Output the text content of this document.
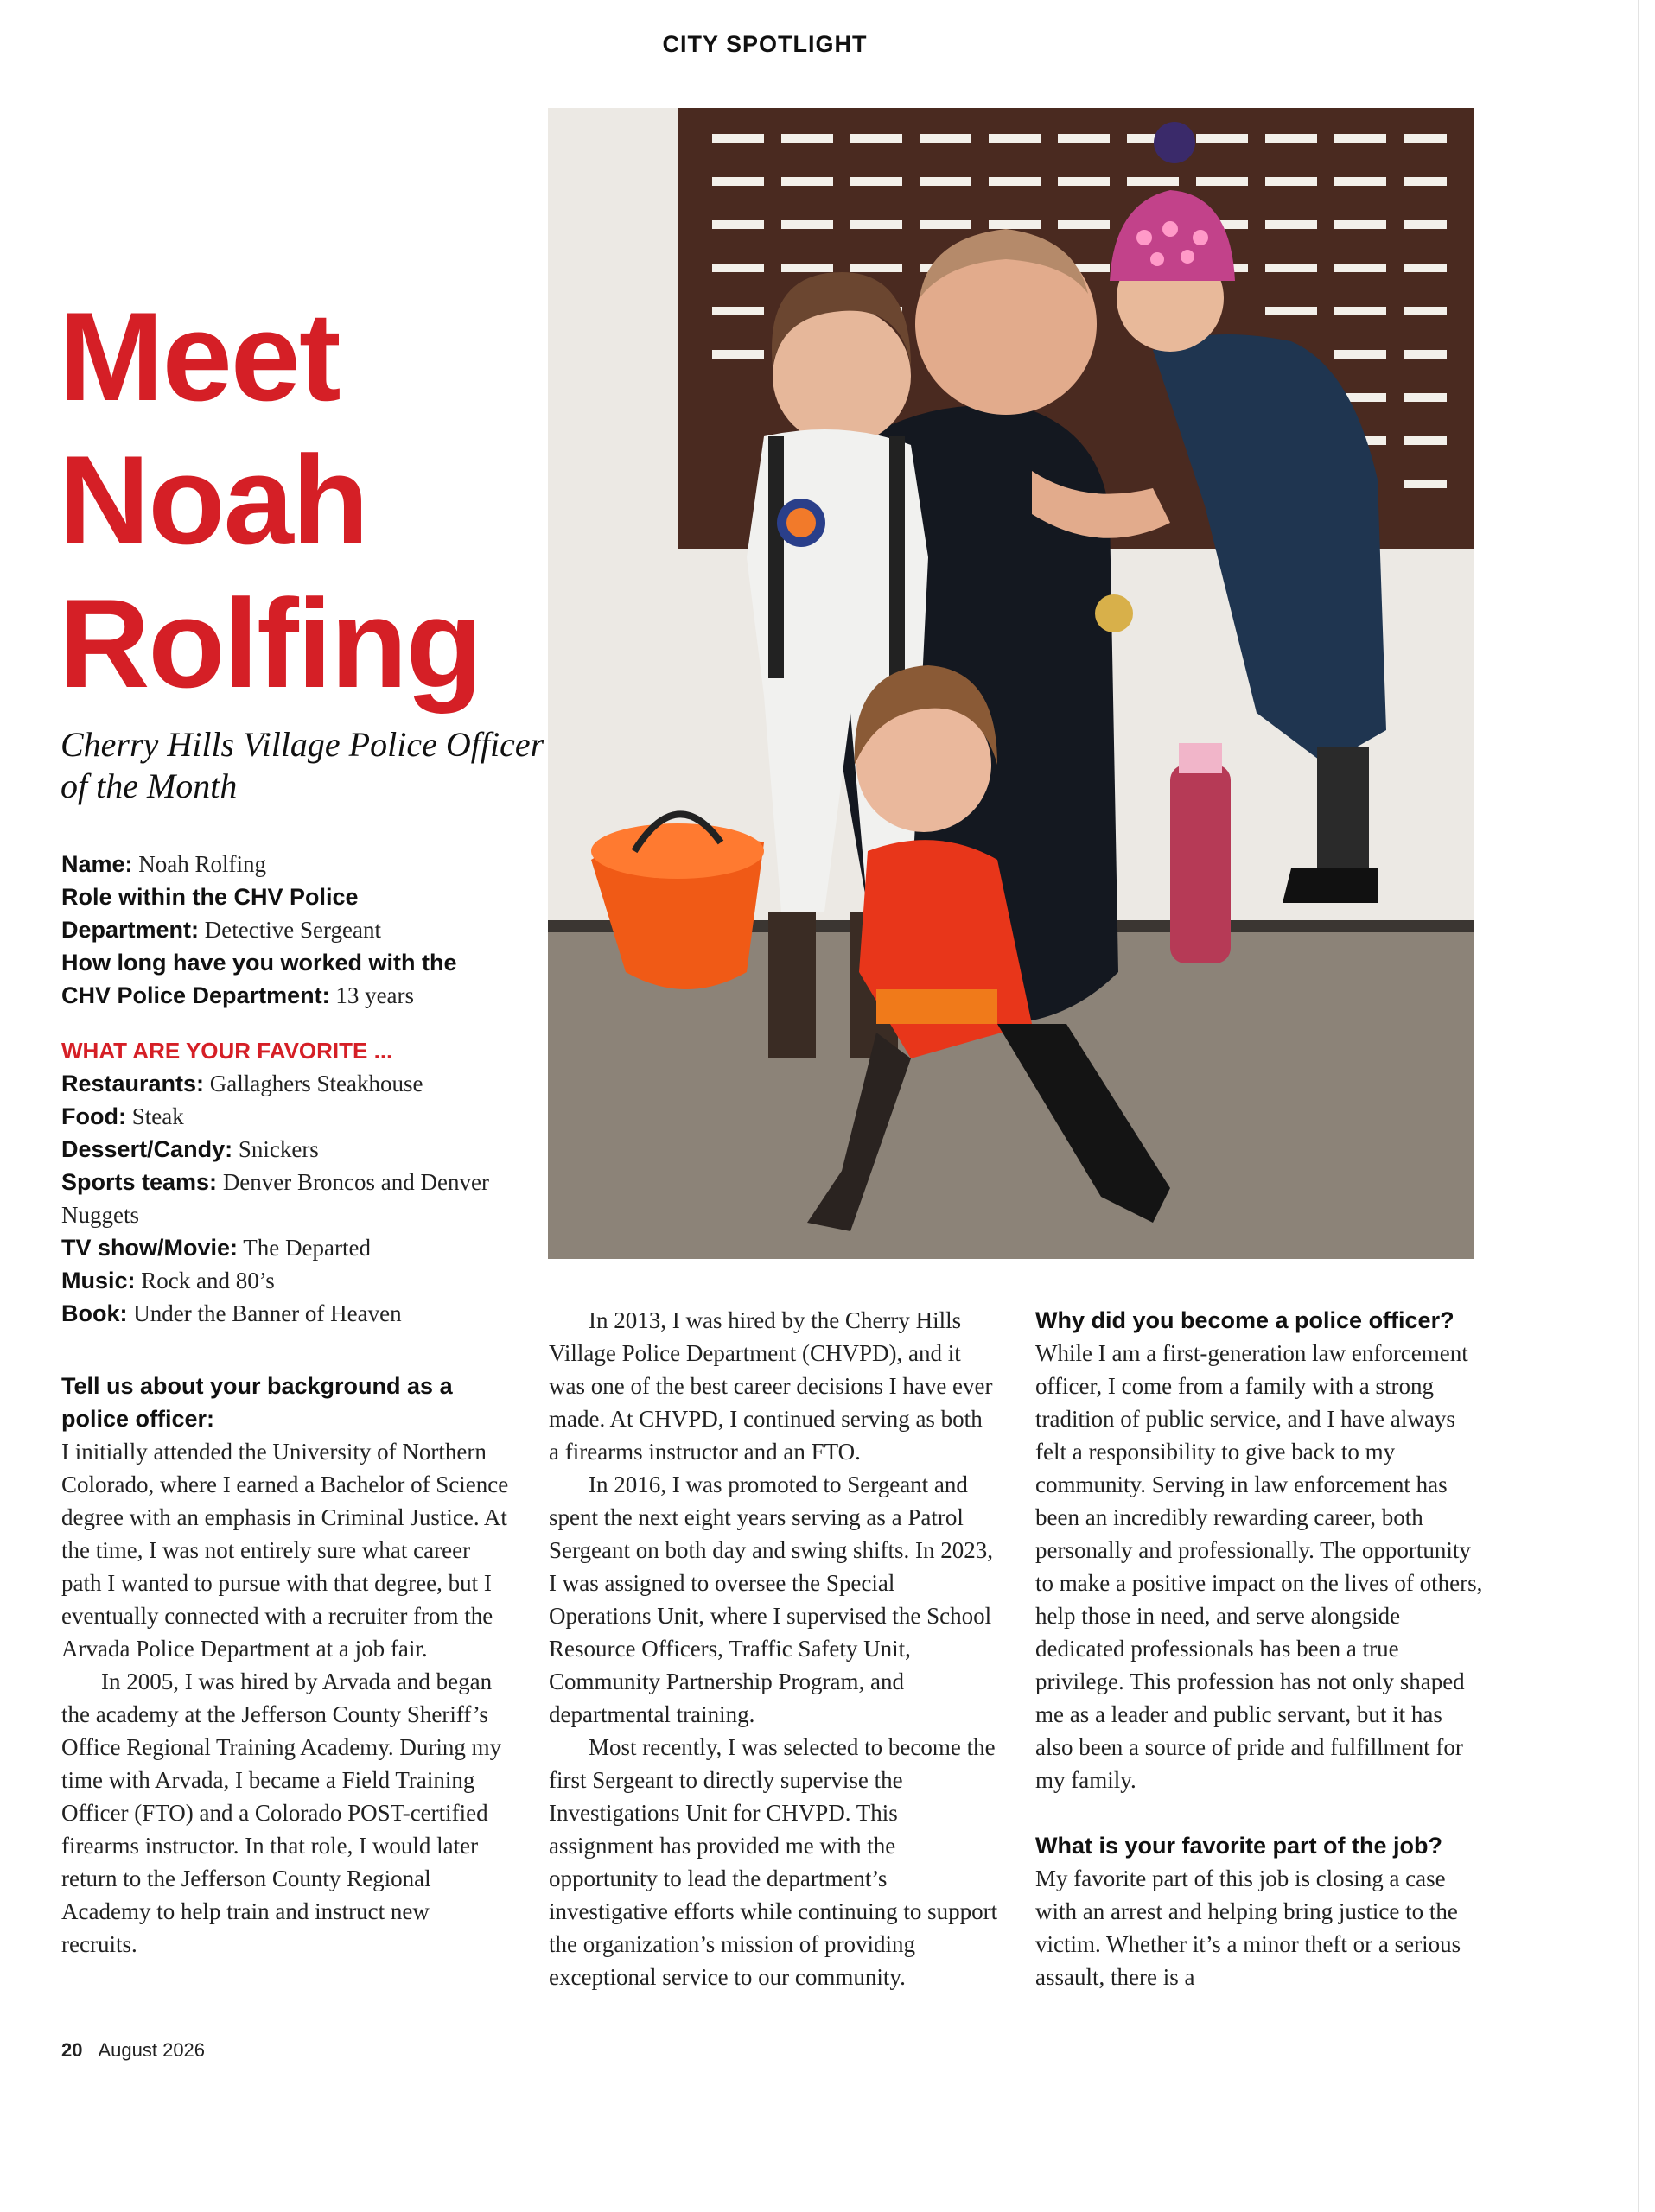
CITY SPOTLIGHT
Meet
Noah
Rolfing
Cherry Hills Village Police Officer of the Month

Name: Noah Rolfing

Role within the CHV Police Department: Detective Sergeant

How long have you worked with the CHV Police Department: 13 years

WHAT ARE YOUR FAVORITE ...

Restaurants: Gallaghers Steakhouse

Food: Steak

Dessert/Candy: Snickers

Sports teams: Denver Broncos and Denver Nuggets

TV show/Movie: The Departed

Music: Rock and 80’s

Book: Under the Banner of Heaven

Tell us about your background as a police officer:

I initially attended the University of Northern Colorado, where I earned a Bachelor of Science degree with an emphasis in Criminal Justice. At the time, I was not entirely sure what career path I wanted to pursue with that degree, but I eventually connected with a recruiter from the Arvada Police Department at a job fair.

In 2005, I was hired by Arvada and began the academy at the Jefferson County Sheriff’s Office Regional Training Academy. During my time with Arvada, I became a Field Training Officer (FTO) and a Colorado POST-certified firearms instructor. In that role, I would later return to the Jefferson County Regional Academy to help train and instruct new recruits.

In 2013, I was hired by the Cherry Hills Village Police Department (CHVPD), and it was one of the best career decisions I have ever made. At CHVPD, I continued serving as both a firearms instructor and an FTO.

In 2016, I was promoted to Sergeant and spent the next eight years serving as a Patrol Sergeant on both day and swing shifts. In 2023, I was assigned to oversee the Special Operations Unit, where I supervised the School Resource Officers, Traffic Safety Unit, Community Partnership Program, and departmental training.

Most recently, I was selected to become the first Sergeant to directly supervise the Investigations Unit for CHVPD. This assignment has provided me with the opportunity to lead the department’s investigative efforts while continuing to support the organization’s mission of providing exceptional service to our community.

Why did you become a police officer?

While I am a first-generation law enforcement officer, I come from a family with a strong tradition of public service, and I have always felt a responsibility to give back to my community. Serving in law enforcement has been an incredibly rewarding career, both personally and professionally. The opportunity to make a positive impact on the lives of others, help those in need, and serve alongside dedicated professionals has been a true privilege. This profession has not only shaped me as a leader and public servant, but it has also been a source of pride and fulfillment for my family.

What is your favorite part of the job?

My favorite part of this job is closing a case with an arrest and helping bring justice to the victim. Whether it’s a minor theft or a serious assault, there is a

20 August 2026
